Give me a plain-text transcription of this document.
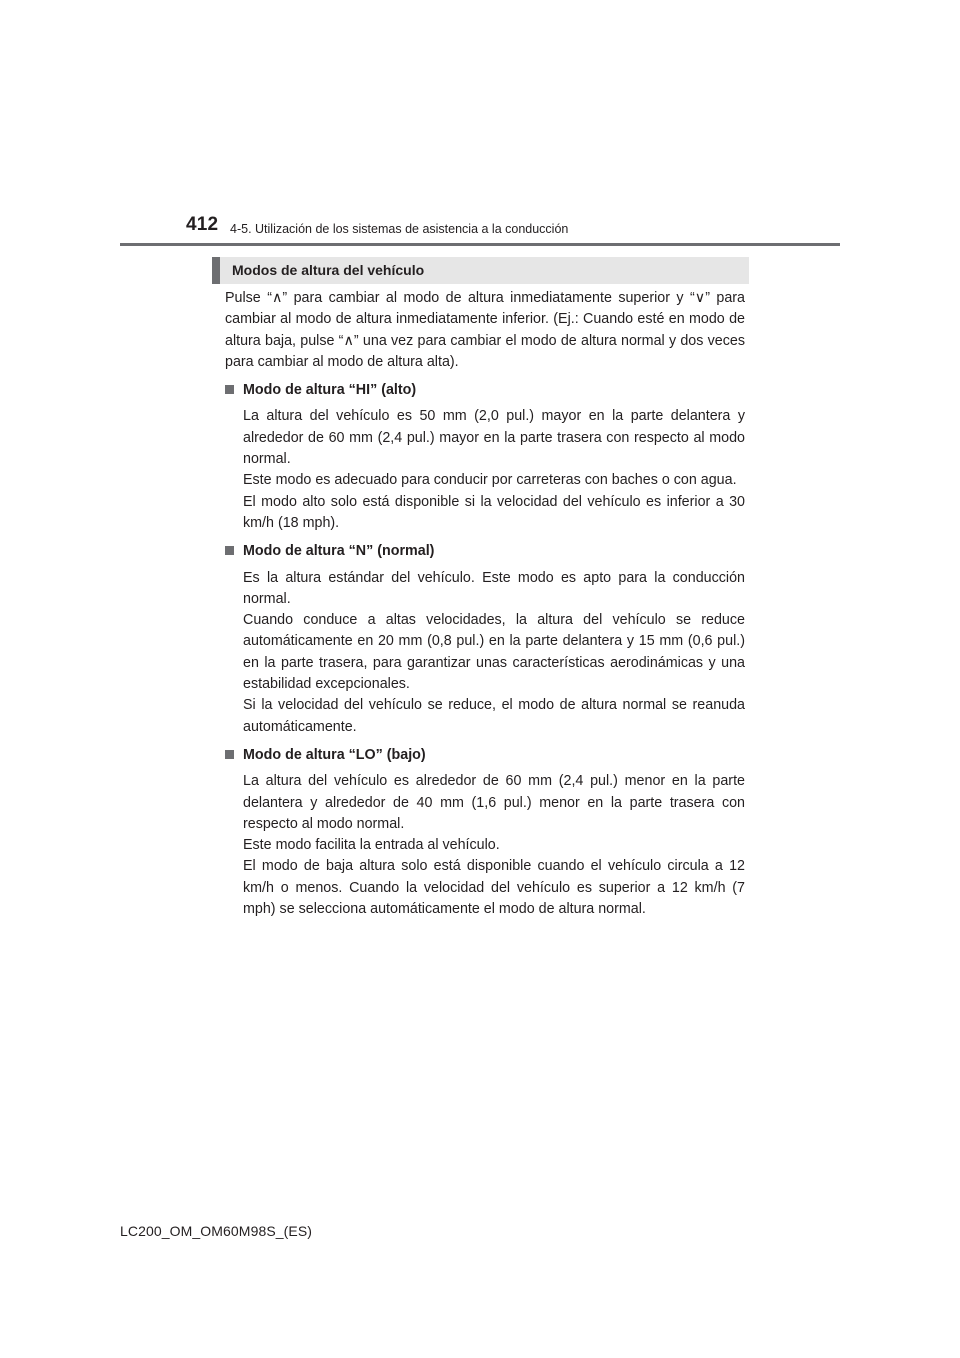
412 4-5. Utilización de los sistemas de asistencia a la conducción
Modos de altura del vehículo

Pulse “∧” para cambiar al modo de altura inmediatamente superior y “∨” para cambiar al modo de altura inmediatamente inferior. (Ej.: Cuando esté en modo de altura baja, pulse “∧” una vez para cambiar el modo de altura normal y dos veces para cambiar al modo de altura alta).

Modo de altura “HI” (alto)

La altura del vehículo es 50 mm (2,0 pul.) mayor en la parte delantera y alrededor de 60 mm (2,4 pul.) mayor en la parte trasera con respecto al modo normal.

Este modo es adecuado para conducir por carreteras con baches o con agua.

El modo alto solo está disponible si la velocidad del vehículo es inferior a 30 km/h (18 mph).

Modo de altura “N” (normal)

Es la altura estándar del vehículo. Este modo es apto para la conducción normal.

Cuando conduce a altas velocidades, la altura del vehículo se reduce automáticamente en 20 mm (0,8 pul.) en la parte delantera y 15 mm (0,6 pul.) en la parte trasera, para garantizar unas características aerodinámicas y una estabilidad excepcionales.

Si la velocidad del vehículo se reduce, el modo de altura normal se reanuda automáticamente.

Modo de altura “LO” (bajo)

La altura del vehículo es alrededor de 60 mm (2,4 pul.) menor en la parte delantera y alrededor de 40 mm (1,6 pul.) menor en la parte trasera con respecto al modo normal.

Este modo facilita la entrada al vehículo.

El modo de baja altura solo está disponible cuando el vehículo circula a 12 km/h o menos. Cuando la velocidad del vehículo es superior a 12 km/h (7 mph) se selecciona automáticamente el modo de altura normal.

LC200_OM_OM60M98S_(ES)
